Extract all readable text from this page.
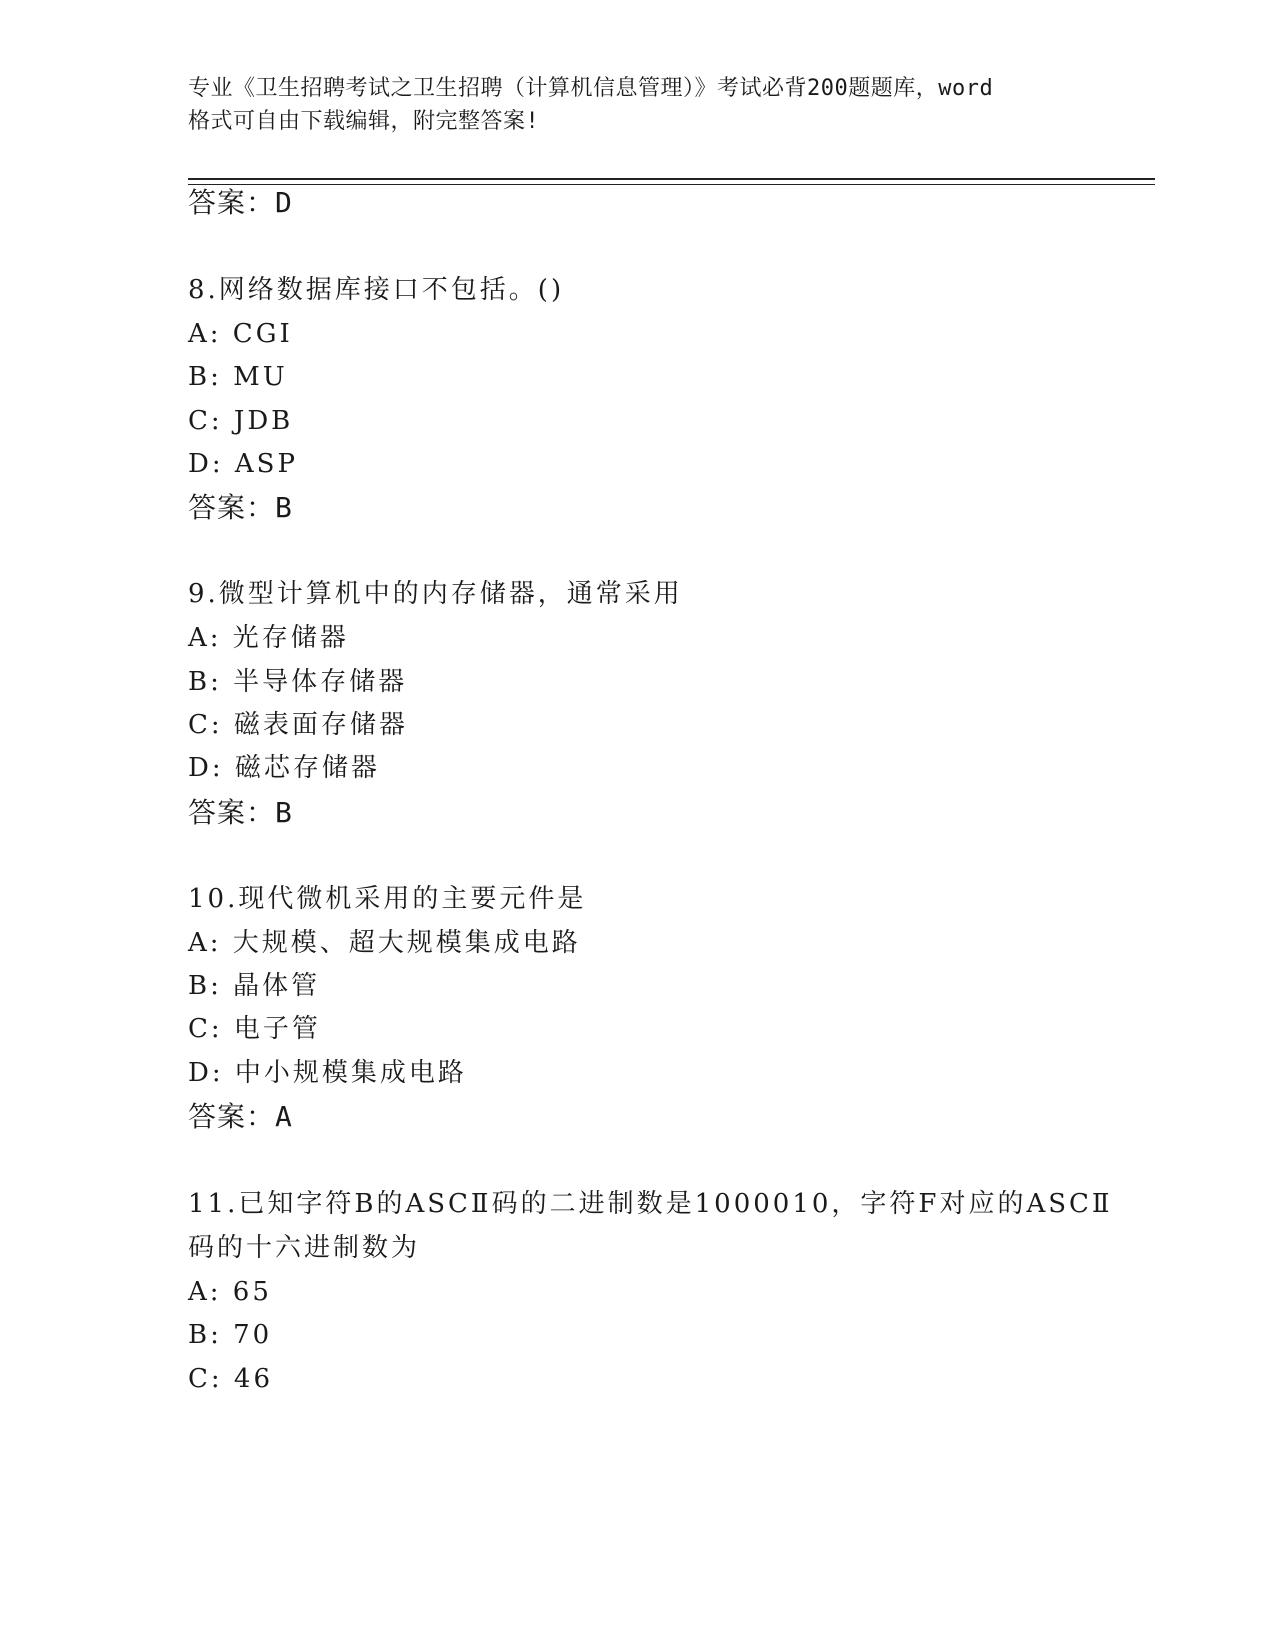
专业《卫生招聘考试之卫生招聘（计算机信息管理）》考试必背200题题库，word
格式可自由下载编辑，附完整答案!
答案：D
8.网络数据库接口不包括。()
A: CGI
B: MU
C: JDB
D: ASP
答案：B
9.微型计算机中的内存储器，通常采用
A: 光存储器
B: 半导体存储器
C: 磁表面存储器
D: 磁芯存储器
答案：B
10.现代微机采用的主要元件是
A: 大规模、超大规模集成电路
B: 晶体管
C: 电子管
D: 中小规模集成电路
答案：A
11.已知字符B的ASCⅡ码的二进制数是1000010，字符F对应的ASCⅡ
码的十六进制数为
A: 65
B: 70
C: 46
